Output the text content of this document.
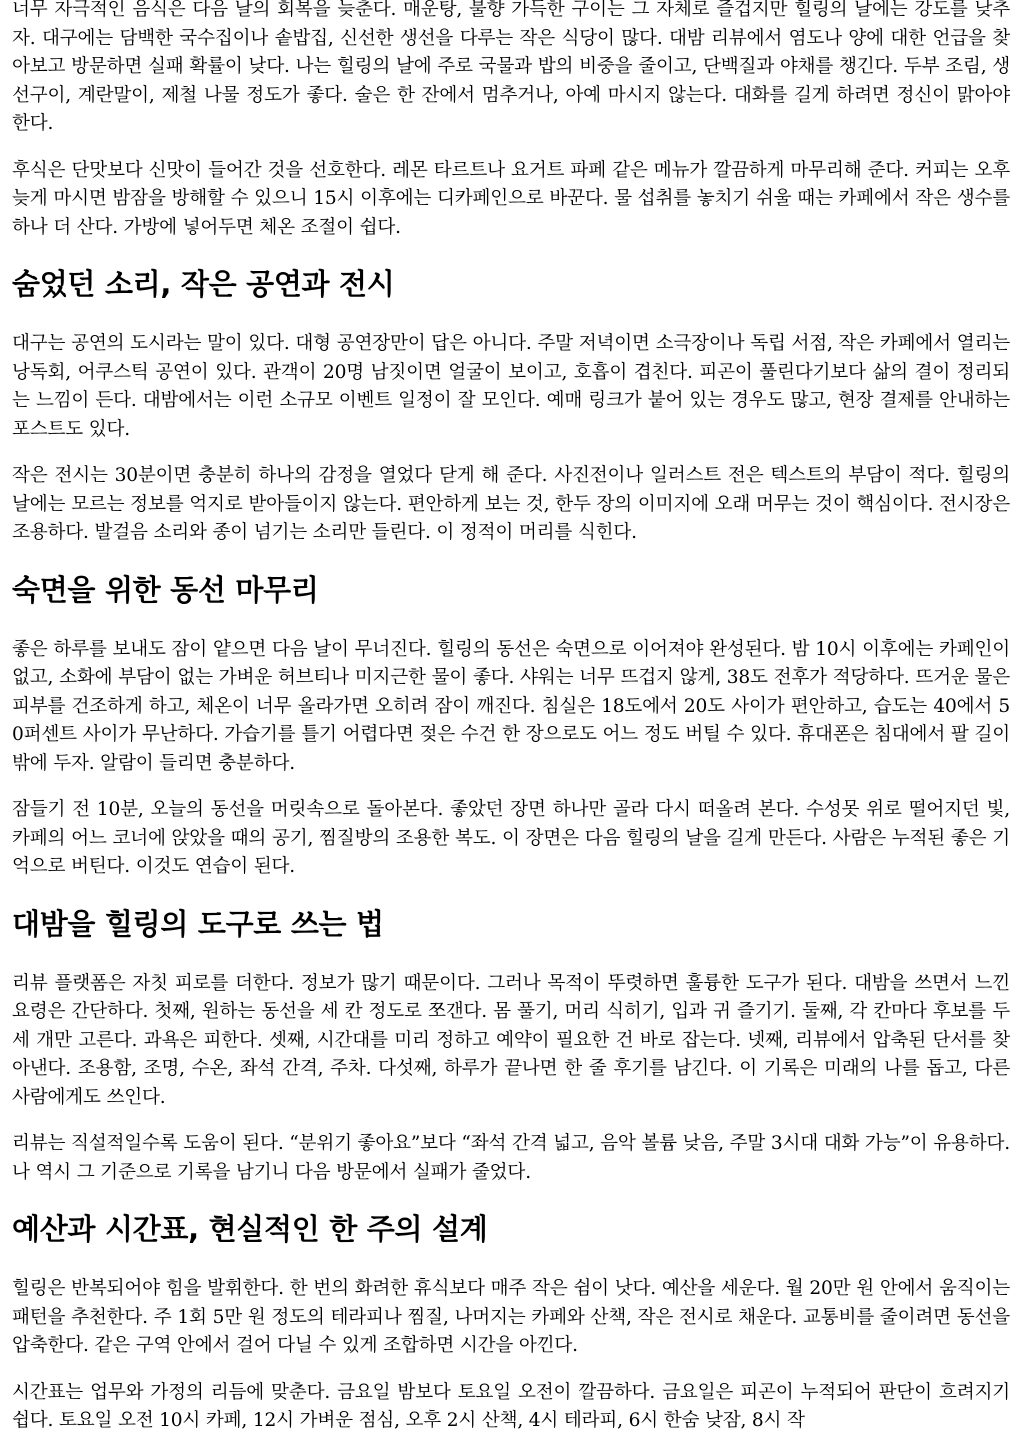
너무 자극적인 음식은 다음 날의 회복을 늦춘다. 매운탕, 불향 가득한 구이는 그 자체로 즐겁지만 힐링의 날에는 강도를 낮추자. 대구에는 담백한 국수집이나 솥밥집, 신선한 생선을 다루는 작은 식당이 많다. 대밤 리뷰에서 염도나 양에 대한 언급을 찾아보고 방문하면 실패 확률이 낮다. 나는 힐링의 날에 주로 국물과 밥의 비중을 줄이고, 단백질과 야채를 챙긴다. 두부 조림, 생선구이, 계란말이, 제철 나물 정도가 좋다. 술은 한 잔에서 멈추거나, 아예 마시지 않는다. 대화를 길게 하려면 정신이 맑아야 한다.

후식은 단맛보다 신맛이 들어간 것을 선호한다. 레몬 타르트나 요거트 파페 같은 메뉴가 깔끔하게 마무리해 준다. 커피는 오후 늦게 마시면 밤잠을 방해할 수 있으니 15시 이후에는 디카페인으로 바꾼다. 물 섭취를 놓치기 쉬울 때는 카페에서 작은 생수를 하나 더 산다. 가방에 넣어두면 체온 조절이 쉽다.

숨었던 소리, 작은 공연과 전시

대구는 공연의 도시라는 말이 있다. 대형 공연장만이 답은 아니다. 주말 저녁이면 소극장이나 독립 서점, 작은 카페에서 열리는 낭독회, 어쿠스틱 공연이 있다. 관객이 20명 남짓이면 얼굴이 보이고, 호흡이 겹친다. 피곤이 풀린다기보다 삶의 결이 정리되는 느낌이 든다. 대밤에서는 이런 소규모 이벤트 일정이 잘 모인다. 예매 링크가 붙어 있는 경우도 많고, 현장 결제를 안내하는 포스트도 있다.

작은 전시는 30분이면 충분히 하나의 감정을 열었다 닫게 해 준다. 사진전이나 일러스트 전은 텍스트의 부담이 적다. 힐링의 날에는 모르는 정보를 억지로 받아들이지 않는다. 편안하게 보는 것, 한두 장의 이미지에 오래 머무는 것이 핵심이다. 전시장은 조용하다. 발걸음 소리와 종이 넘기는 소리만 들린다. 이 정적이 머리를 식힌다.

숙면을 위한 동선 마무리

좋은 하루를 보내도 잠이 얕으면 다음 날이 무너진다. 힐링의 동선은 숙면으로 이어져야 완성된다. 밤 10시 이후에는 카페인이 없고, 소화에 부담이 없는 가벼운 허브티나 미지근한 물이 좋다. 샤워는 너무 뜨겁지 않게, 38도 전후가 적당하다. 뜨거운 물은 피부를 건조하게 하고, 체온이 너무 올라가면 오히려 잠이 깨진다. 침실은 18도에서 20도 사이가 편안하고, 습도는 40에서 50퍼센트 사이가 무난하다. 가습기를 틀기 어렵다면 젖은 수건 한 장으로도 어느 정도 버틸 수 있다. 휴대폰은 침대에서 팔 길이 밖에 두자. 알람이 들리면 충분하다.

잠들기 전 10분, 오늘의 동선을 머릿속으로 돌아본다. 좋았던 장면 하나만 골라 다시 떠올려 본다. 수성못 위로 떨어지던 빛, 카페의 어느 코너에 앉았을 때의 공기, 찜질방의 조용한 복도. 이 장면은 다음 힐링의 날을 길게 만든다. 사람은 누적된 좋은 기억으로 버틴다. 이것도 연습이 된다.

대밤을 힐링의 도구로 쓰는 법

리뷰 플랫폼은 자칫 피로를 더한다. 정보가 많기 때문이다. 그러나 목적이 뚜렷하면 훌륭한 도구가 된다. 대밤을 쓰면서 느낀 요령은 간단하다. 첫째, 원하는 동선을 세 칸 정도로 쪼갠다. 몸 풀기, 머리 식히기, 입과 귀 즐기기. 둘째, 각 칸마다 후보를 두세 개만 고른다. 과욕은 피한다. 셋째, 시간대를 미리 정하고 예약이 필요한 건 바로 잡는다. 넷째, 리뷰에서 압축된 단서를 찾아낸다. 조용함, 조명, 수온, 좌석 간격, 주차. 다섯째, 하루가 끝나면 한 줄 후기를 남긴다. 이 기록은 미래의 나를 돕고, 다른 사람에게도 쓰인다.

리뷰는 직설적일수록 도움이 된다. “분위기 좋아요”보다 “좌석 간격 넓고, 음악 볼륨 낮음, 주말 3시대 대화 가능”이 유용하다. 나 역시 그 기준으로 기록을 남기니 다음 방문에서 실패가 줄었다.

예산과 시간표, 현실적인 한 주의 설계

힐링은 반복되어야 힘을 발휘한다. 한 번의 화려한 휴식보다 매주 작은 쉼이 낫다. 예산을 세운다. 월 20만 원 안에서 움직이는 패턴을 추천한다. 주 1회 5만 원 정도의 테라피나 찜질, 나머지는 카페와 산책, 작은 전시로 채운다. 교통비를 줄이려면 동선을 압축한다. 같은 구역 안에서 걸어 다닐 수 있게 조합하면 시간을 아낀다.

시간표는 업무와 가정의 리듬에 맞춘다. 금요일 밤보다 토요일 오전이 깔끔하다. 금요일은 피곤이 누적되어 판단이 흐려지기 쉽다. 토요일 오전 10시 카페, 12시 가벼운 점심, 오후 2시 산책, 4시 테라피, 6시 한숨 낮잠, 8시 작
